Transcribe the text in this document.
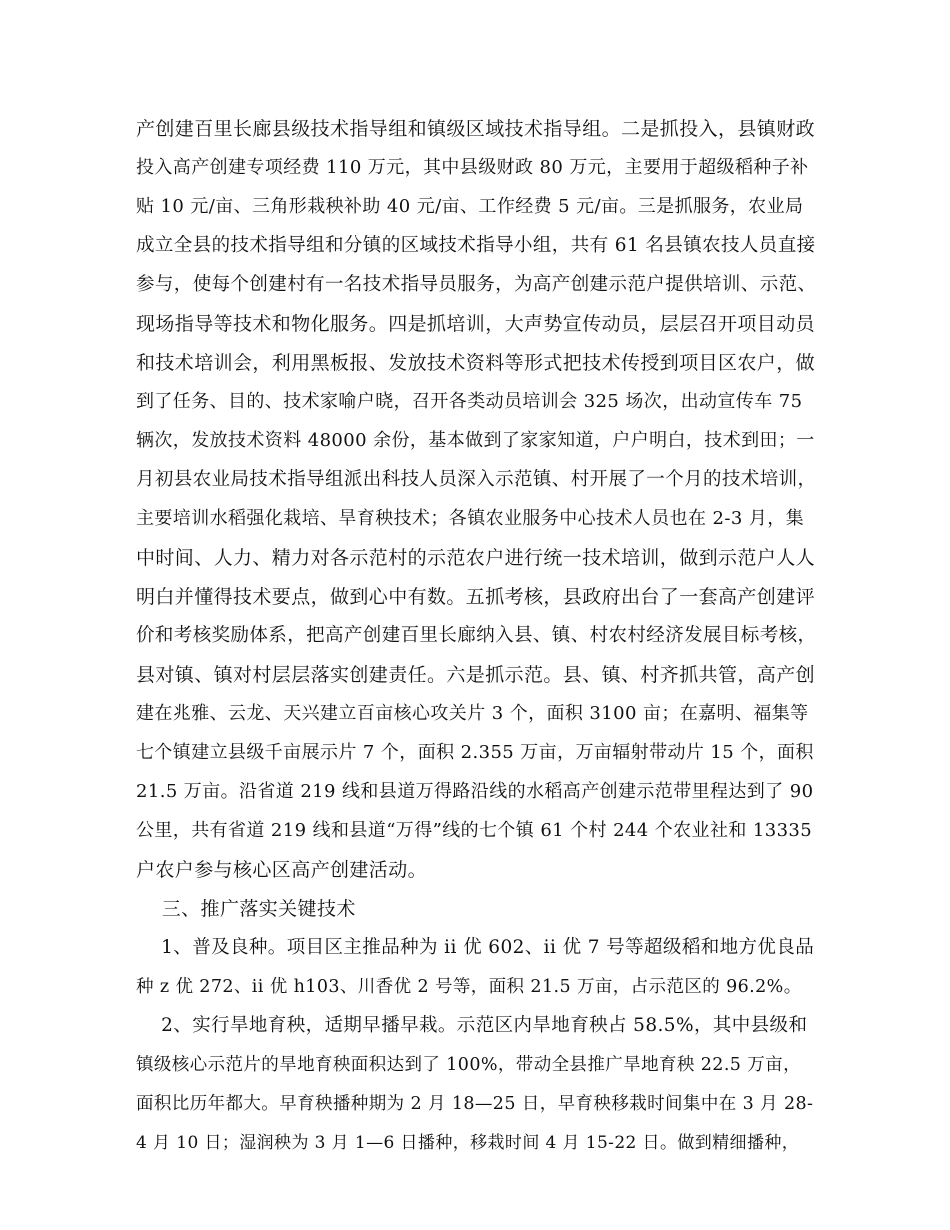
产创建百里长廊县级技术指导组和镇级区域技术指导组。二是抓投入，县镇财政
投入高产创建专项经费 110 万元，其中县级财政 80 万元，主要用于超级稻种子补
贴 10 元/亩、三角形栽秧补助 40 元/亩、工作经费 5 元/亩。三是抓服务，农业局
成立全县的技术指导组和分镇的区域技术指导小组，共有 61 名县镇农技人员直接
参与，使每个创建村有一名技术指导员服务，为高产创建示范户提供培训、示范、
现场指导等技术和物化服务。四是抓培训，大声势宣传动员，层层召开项目动员
和技术培训会，利用黑板报、发放技术资料等形式把技术传授到项目区农户，做
到了任务、目的、技术家喻户晓，召开各类动员培训会 325 场次，出动宣传车 75
辆次，发放技术资料 48000 余份，基本做到了家家知道，户户明白，技术到田；一
月初县农业局技术指导组派出科技人员深入示范镇、村开展了一个月的技术培训，
主要培训水稻强化栽培、旱育秧技术；各镇农业服务中心技术人员也在 2-3 月，集
中时间、人力、精力对各示范村的示范农户进行统一技术培训，做到示范户人人
明白并懂得技术要点，做到心中有数。五抓考核，县政府出台了一套高产创建评
价和考核奖励体系，把高产创建百里长廊纳入县、镇、村农村经济发展目标考核，
县对镇、镇对村层层落实创建责任。六是抓示范。县、镇、村齐抓共管，高产创
建在兆雅、云龙、天兴建立百亩核心攻关片 3 个，面积 3100 亩；在嘉明、福集等
七个镇建立县级千亩展示片 7 个，面积 2.355 万亩，万亩辐射带动片 15 个，面积
21.5 万亩。沿省道 219 线和县道万得路沿线的水稻高产创建示范带里程达到了 90
公里，共有省道 219 线和县道“万得”线的七个镇 61 个村 244 个农业社和 13335
户农户参与核心区高产创建活动。
三、推广落实关键技术
1、普及良种。项目区主推品种为 ii 优 602、ii 优 7 号等超级稻和地方优良品
种 z 优 272、ii 优 h103、川香优 2 号等，面积 21.5 万亩，占示范区的 96.2%。
2、实行旱地育秧，适期早播早栽。示范区内旱地育秧占 58.5%，其中县级和
镇级核心示范片的旱地育秧面积达到了 100%，带动全县推广旱地育秧 22.5 万亩，
面积比历年都大。早育秧播种期为 2 月 18—25 日，早育秧移栽时间集中在 3 月 28-
4 月 10 日；湿润秧为 3 月 1—6 日播种，移栽时间 4 月 15-22 日。做到精细播种，
